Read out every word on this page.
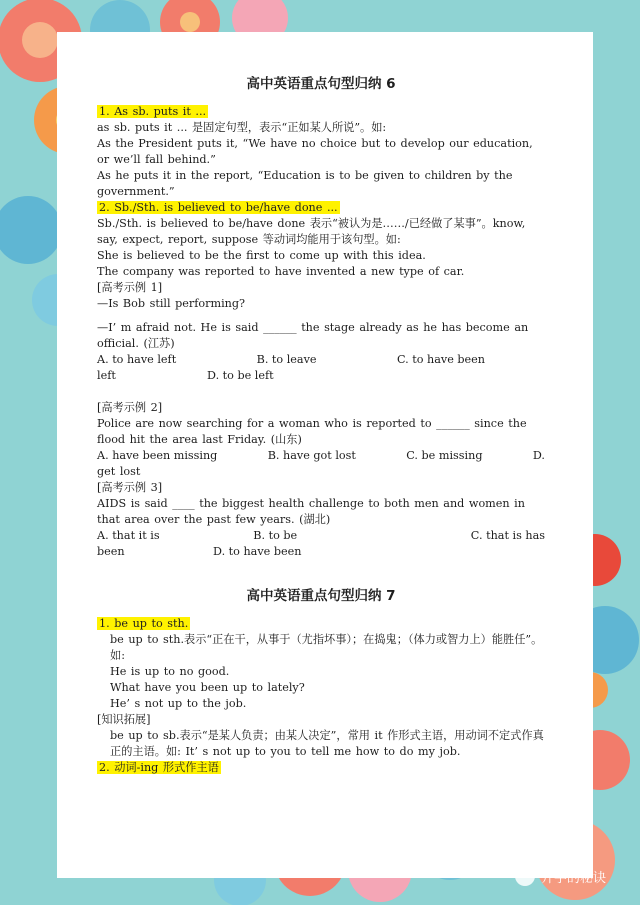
高中英语重点句型归纳 6

1. As sb. puts it ...

as sb. puts it ... 是固定句型，表示“正如某人所说”。如:

As the President puts it, “We have no choice but to develop our education, or we’ll fall behind.”

As he puts it in the report, “Education is to be given to children by the government.”

2. Sb./Sth. is believed to be/have done ...

Sb./Sth. is believed to be/have done 表示“被认为是……/已经做了某事”。know, say, expect, report, suppose 等动词均能用于该句型。如:

She is believed to be the first to come up with this idea.

The company was reported to have invented a new type of car.

[高考示例 1]

—Is Bob still performing?

—I’ m afraid not. He is said ______ the stage already as he has become an official. (江苏)

A. to have left	B. to leave	C. to have been
left	D. to be left

[高考示例 2]

Police are now searching for a woman who is reported to ______ since the flood hit the area last Friday. (山东)

A. have been missing	B. have got lost	C. be missing	D.

get lost

[高考示例 3]

AIDS is said ____ the biggest health challenge to both men and women in that area over the past few years. (湖北)

A. that it is	B. to be	C. that is has
been	D. to have been
高中英语重点句型归纳 7

1. be up to sth.

be up to sth.表示“正在干，从事于（尤指坏事）；在捣鬼；（体力或智力上）能胜任”。如:

He is up to no good.

What have you been up to lately?

He’ s not up to the job.

[知识拓展]

be up to sb.表示“是某人负责；由某人决定”，常用 it 作形式主语，用动词不定式作真正的主语。如: It’ s not up to you to tell me how to do my job.

2. 动词-ing 形式作主语

升学的秘诀
